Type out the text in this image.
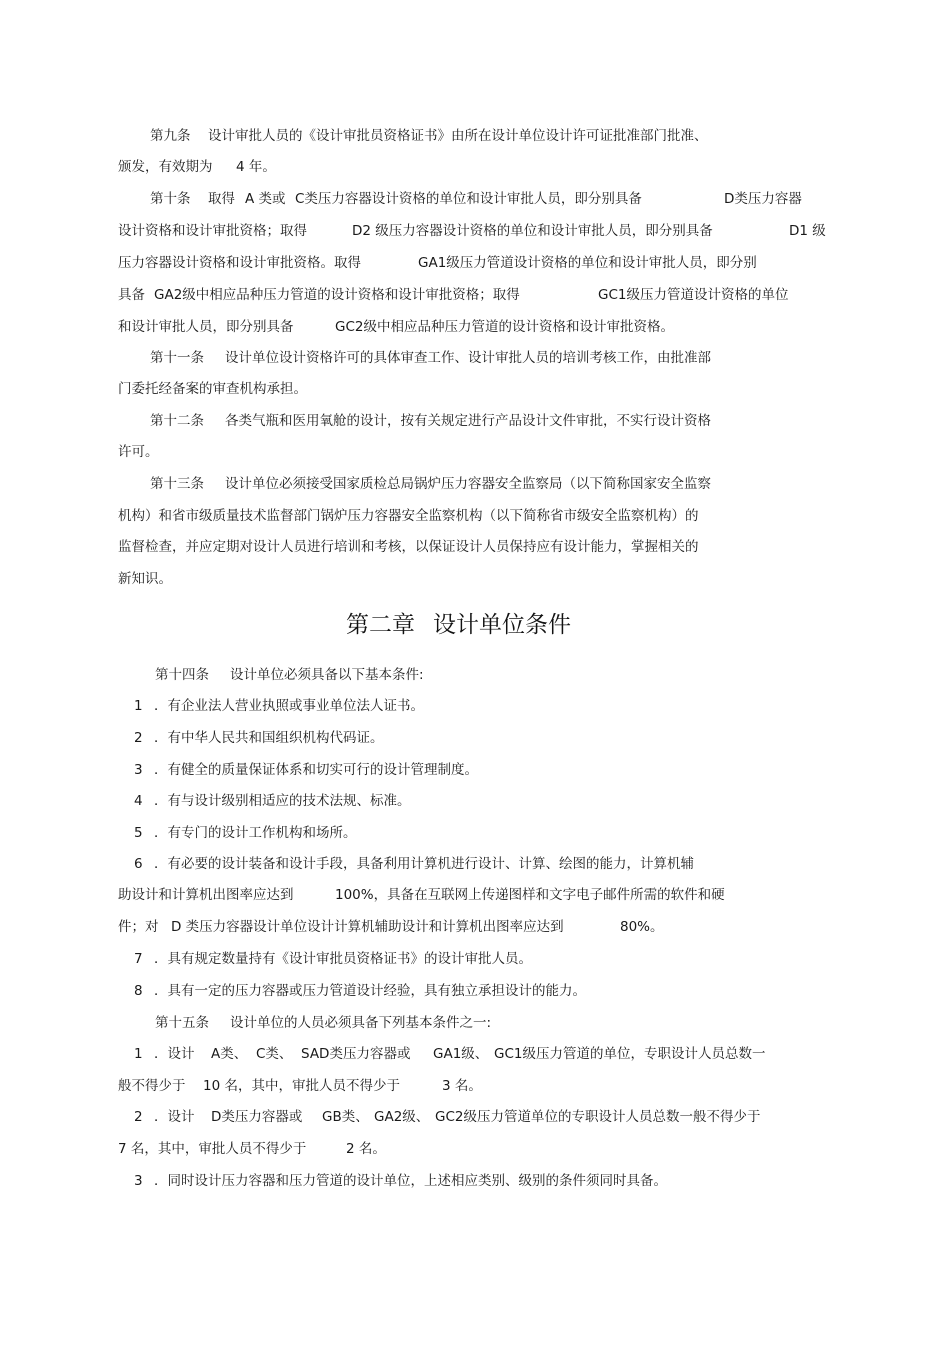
第九条 设计审批人员的《设计审批员资格证书》由所在设计单位设计许可证批准部门批准、
颁发，有效期为 4 年。
第十条 取得 A 类或 C类压力容器设计资格的单位和设计审批人员，即分别具备	D类压力容器
设计资格和设计审批资格；取得	D2 级压力容器设计资格的单位和设计审批人员，即分别具备	D1 级
压力容器设计资格和设计审批资格。取得	GA1级压力管道设计资格的单位和设计审批人员，即分别
具备 GA2级中相应品种压力管道的设计资格和设计审批资格；取得	GC1级压力管道设计资格的单位
和设计审批人员，即分别具备	GC2级中相应品种压力管道的设计资格和设计审批资格。
第十一条 设计单位设计资格许可的具体审查工作、设计审批人员的培训考核工作，由批准部
门委托经备案的审查机构承担。
第十二条 各类气瓶和医用氧舱的设计，按有关规定进行产品设计文件审批，不实行设计资格
许可。
第十三条 设计单位必须接受国家质检总局锅炉压力容器安全监察局（以下简称国家安全监察
机构）和省市级质量技术监督部门锅炉压力容器安全监察机构（以下简称省市级安全监察机构）的
监督检查，并应定期对设计人员进行培训和考核，以保证设计人员保持应有设计能力，掌握相关的
新知识。
第二章 设计单位条件
第十四条 设计单位必须具备以下基本条件:
1 ．有企业法人营业执照或事业单位法人证书。
2 ．有中华人民共和国组织机构代码证。
3 ．有健全的质量保证体系和切实可行的设计管理制度。
4 ．有与设计级别相适应的技术法规、标准。
5 ．有专门的设计工作机构和场所。
6 ．有必要的设计装备和设计手段，具备利用计算机进行设计、计算、绘图的能力，计算机辅
助设计和计算机出图率应达到	100%，具备在互联网上传递图样和文字电子邮件所需的软件和硬
件；对 D 类压力容器设计单位设计计算机辅助设计和计算机出图率应达到	80%。
7 ．具有规定数量持有《设计审批员资格证书》的设计审批人员。
8 ．具有一定的压力容器或压力管道设计经验，具有独立承担设计的能力。
第十五条 设计单位的人员必须具备下列基本条件之一:
1 ．设计 A类、 C类、 SAD类压力容器或 GA1级、 GC1级压力管道的单位，专职设计人员总数一
般不得少于 10 名，其中，审批人员不得少于	3 名。
2 ．设计 D类压力容器或 GB类、 GA2级、 GC2级压力管道单位的专职设计人员总数一般不得少于
7 名，其中，审批人员不得少于	2 名。
3 ．同时设计压力容器和压力管道的设计单位，上述相应类别、级别的条件须同时具备。
